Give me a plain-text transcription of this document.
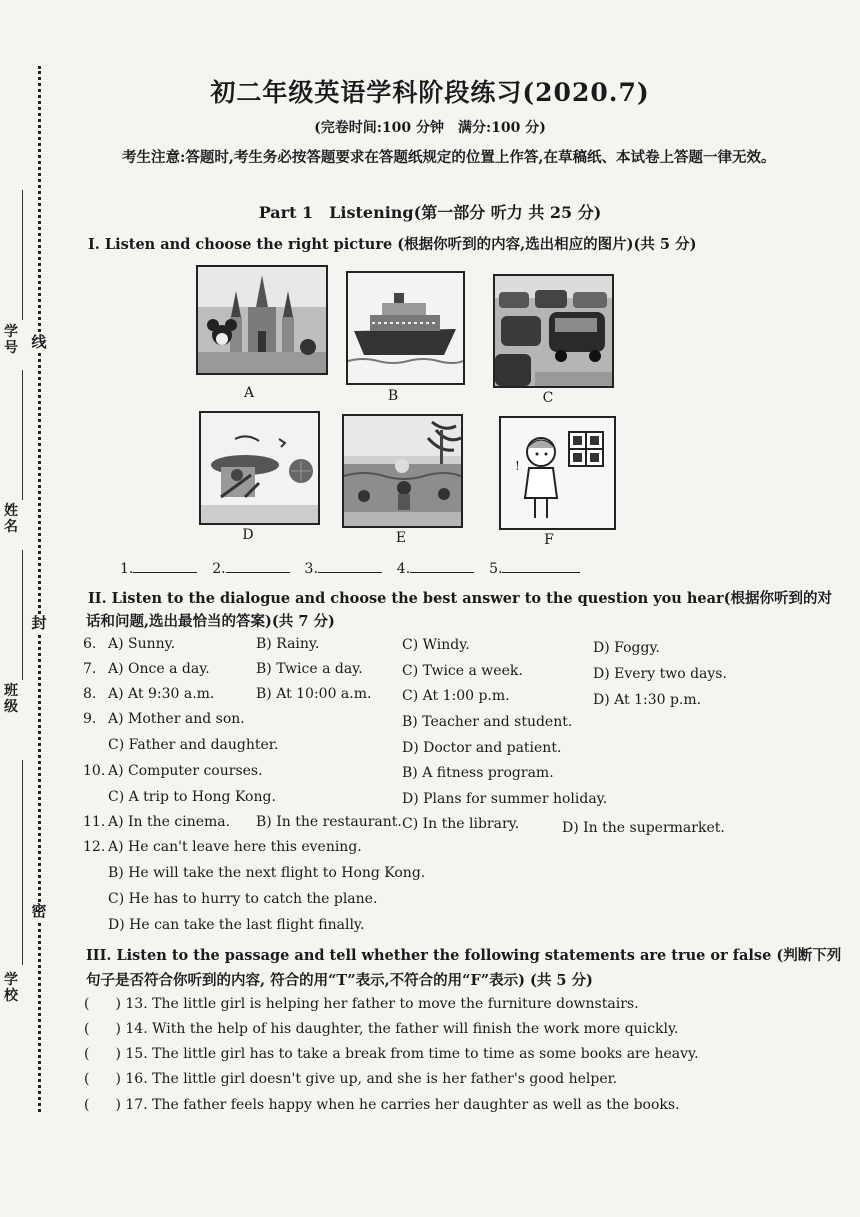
线
封
密
学号
姓名
班级
学校
初二年级英语学科阶段练习(2020.7)
(完卷时间:100 分钟　满分:100 分)
考生注意:答题时,考生务必按答题要求在答题纸规定的位置上作答,在草稿纸、本试卷上答题一律无效。
Part 1　Listening(第一部分 听力 共 25 分)
I. Listen and choose the right picture (根据你听到的内容,选出相应的图片)(共 5 分)
A	B	C
D	E
!
F
1.	2.	3.	4.	5.
II. Listen to the dialogue and choose the best answer to the question you hear(根据你听到的对
话和问题,选出最恰当的答案)(共 7 分)
6. A) Sunny.	B) Rainy.	C) Windy.	D) Foggy.
7. A) Once a day.	B) Twice a day.	C) Twice a week.	D) Every two days.
8. A) At 9:30 a.m.	B) At 10:00 a.m. C) At 1:00 p.m.	D) At 1:30 p.m.
9. A) Mother and son.	B) Teacher and student.
C) Father and daughter.	D) Doctor and patient.
10. A) Computer courses.	B) A fitness program.
C) A trip to Hong Kong.	D) Plans for summer holiday.
11. A) In the cinema. B) In the restaurant. C) In the library.	D) In the supermarket.
12. A) He can't leave here this evening.
B) He will take the next flight to Hong Kong.
C) He has to hurry to catch the plane.
D) He can take the last flight finally.
III. Listen to the passage and tell whether the following statements are true or false (判断下列
句子是否符合你听到的内容, 符合的用“T”表示,不符合的用“F”表示) (共 5 分)
( ) 13. The little girl is helping her father to move the furniture downstairs.
( ) 14. With the help of his daughter, the father will finish the work more quickly.
( ) 15. The little girl has to take a break from time to time as some books are heavy.
( ) 16. The little girl doesn't give up, and she is her father's good helper.
( ) 17. The father feels happy when he carries her daughter as well as the books.
